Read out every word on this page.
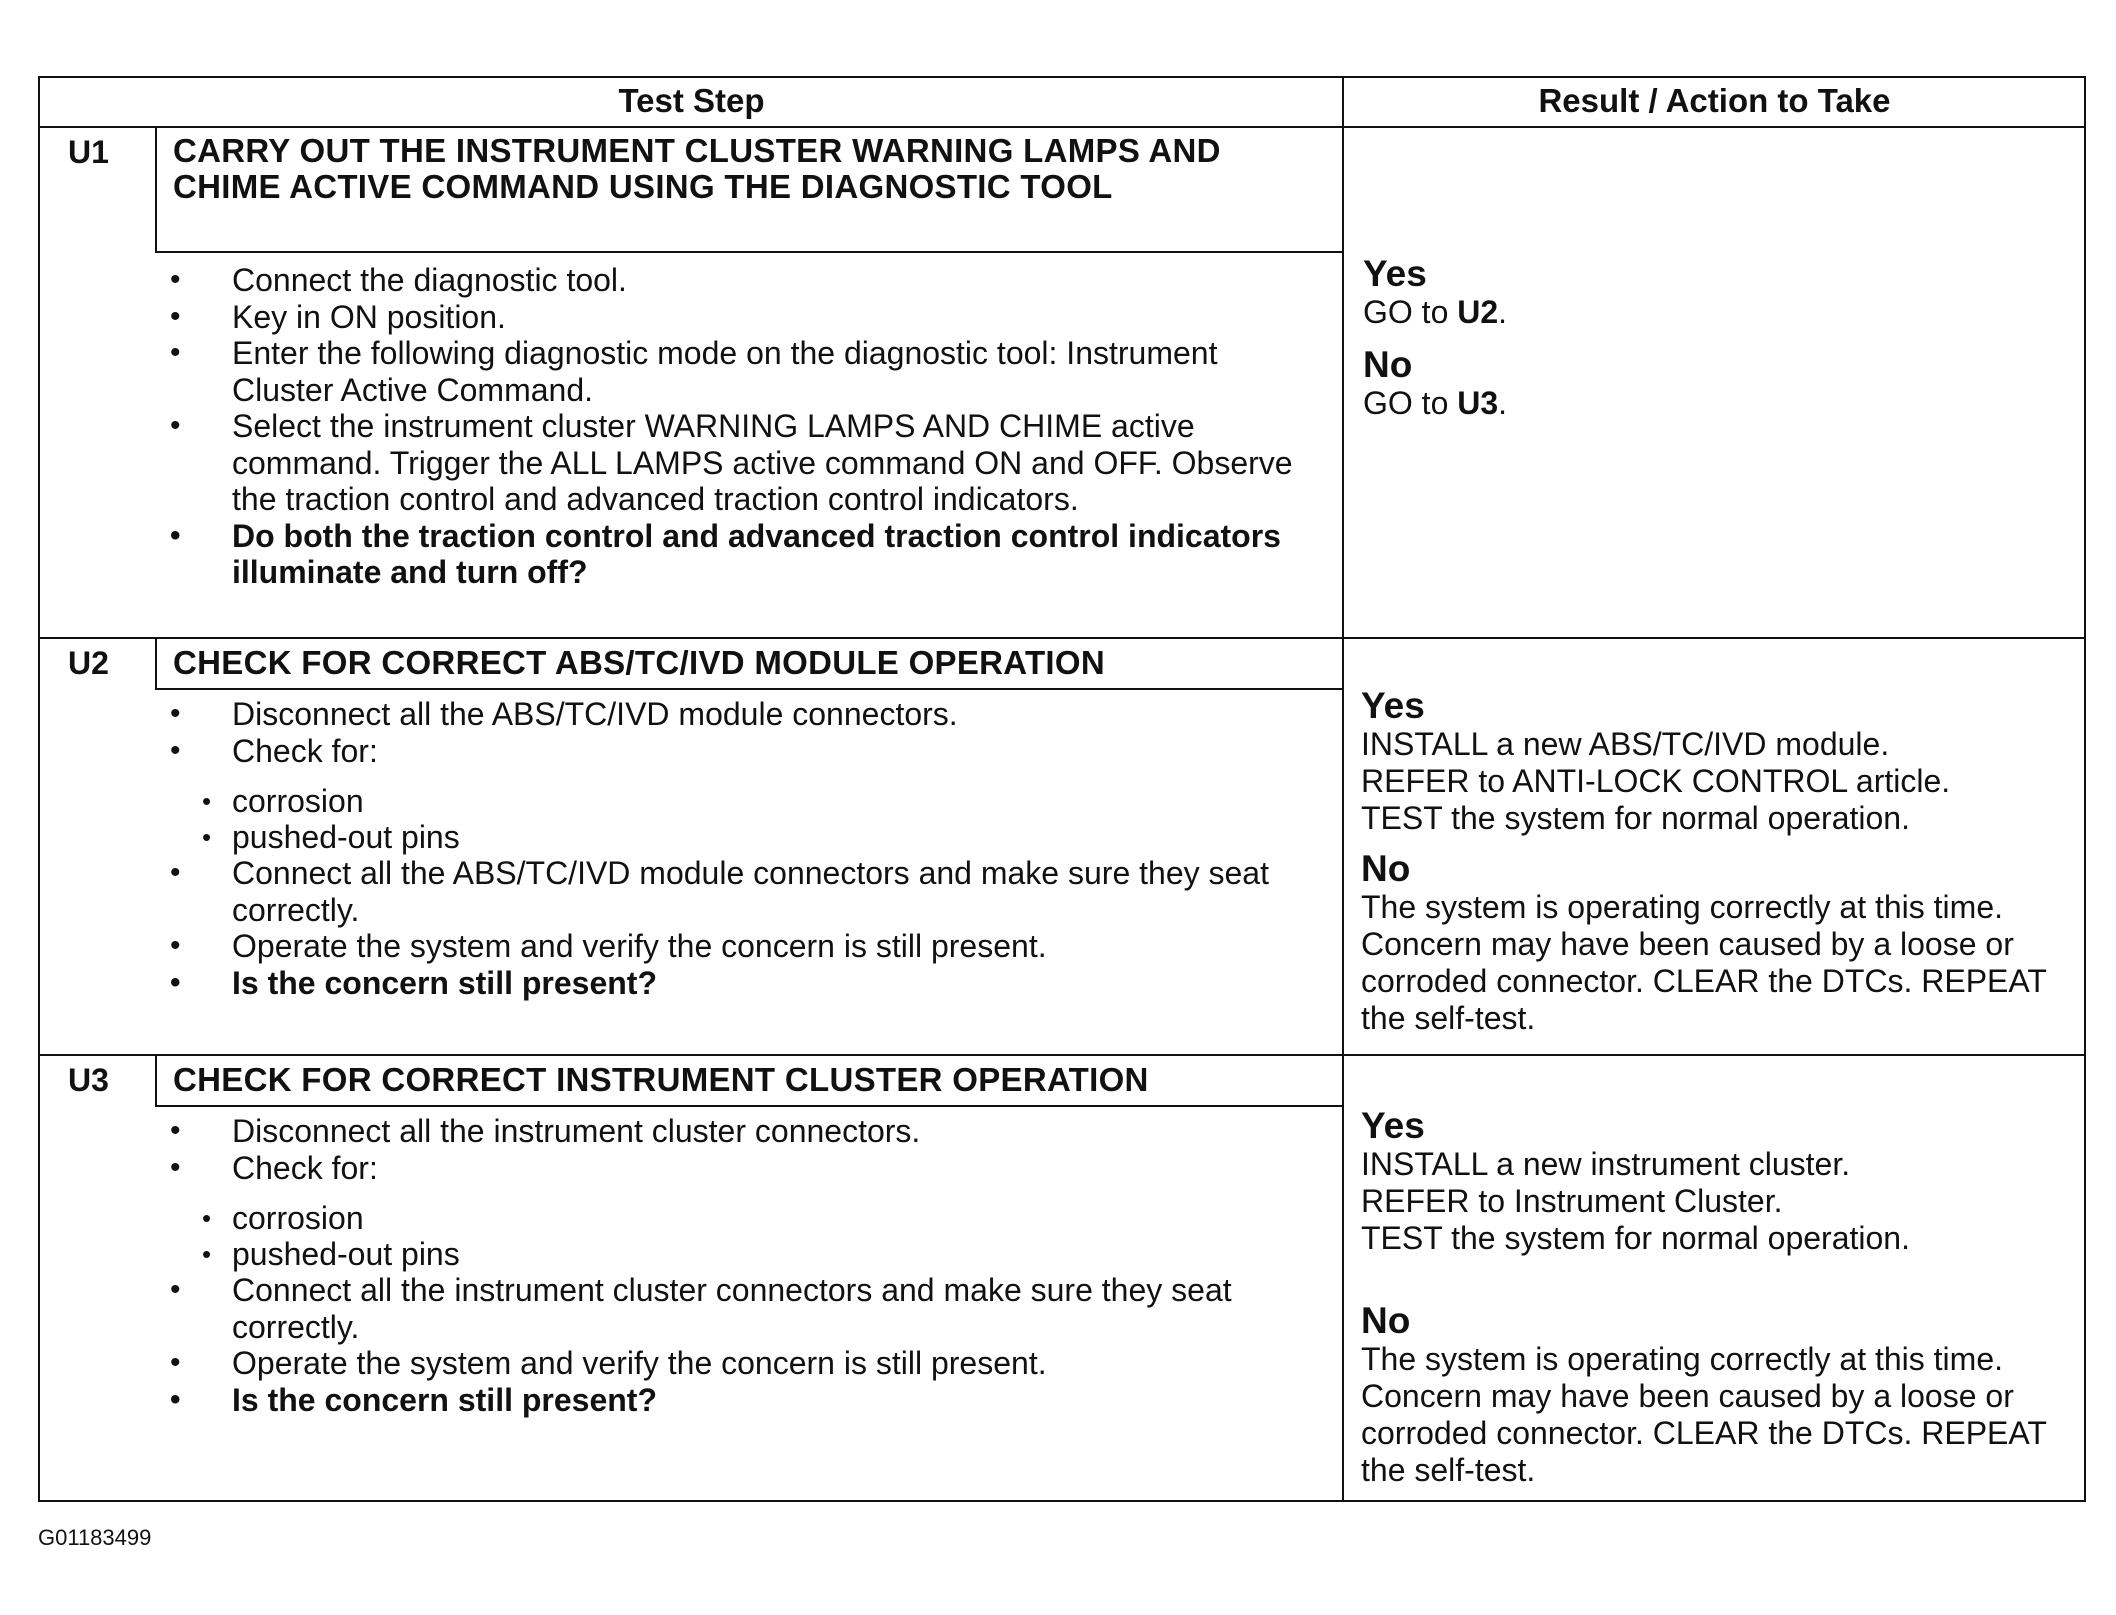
Test Step	Result / Action to Take
U1 CARRY OUT THE INSTRUMENT CLUSTER WARNING LAMPS AND CHIME ACTIVE COMMAND USING THE DIAGNOSTIC TOOL
• Connect the diagnostic tool.
• Key in ON position.
• Enter the following diagnostic mode on the diagnostic tool: Instrument Cluster Active Command.
• Select the instrument cluster WARNING LAMPS AND CHIME active command. Trigger the ALL LAMPS active command ON and OFF. Observe the traction control and advanced traction control indicators.
• Do both the traction control and advanced traction control indicators illuminate and turn off?
Yes
GO to U2.
No
GO to U3.
U2 CHECK FOR CORRECT ABS/TC/IVD MODULE OPERATION
• Disconnect all the ABS/TC/IVD module connectors.
• Check for:
• corrosion
• pushed-out pins
• Connect all the ABS/TC/IVD module connectors and make sure they seat correctly.
• Operate the system and verify the concern is still present.
• Is the concern still present?
Yes
INSTALL a new ABS/TC/IVD module.
REFER to ANTI-LOCK CONTROL article.
TEST the system for normal operation.
No
The system is operating correctly at this time. Concern may have been caused by a loose or corroded connector. CLEAR the DTCs. REPEAT the self-test.
U3 CHECK FOR CORRECT INSTRUMENT CLUSTER OPERATION
• Disconnect all the instrument cluster connectors.
• Check for:
• corrosion
• pushed-out pins
• Connect all the instrument cluster connectors and make sure they seat correctly.
• Operate the system and verify the concern is still present.
• Is the concern still present?
Yes
INSTALL a new instrument cluster.
REFER to Instrument Cluster.
TEST the system for normal operation.
No
The system is operating correctly at this time. Concern may have been caused by a loose or corroded connector. CLEAR the DTCs. REPEAT the self-test.
G01183499
